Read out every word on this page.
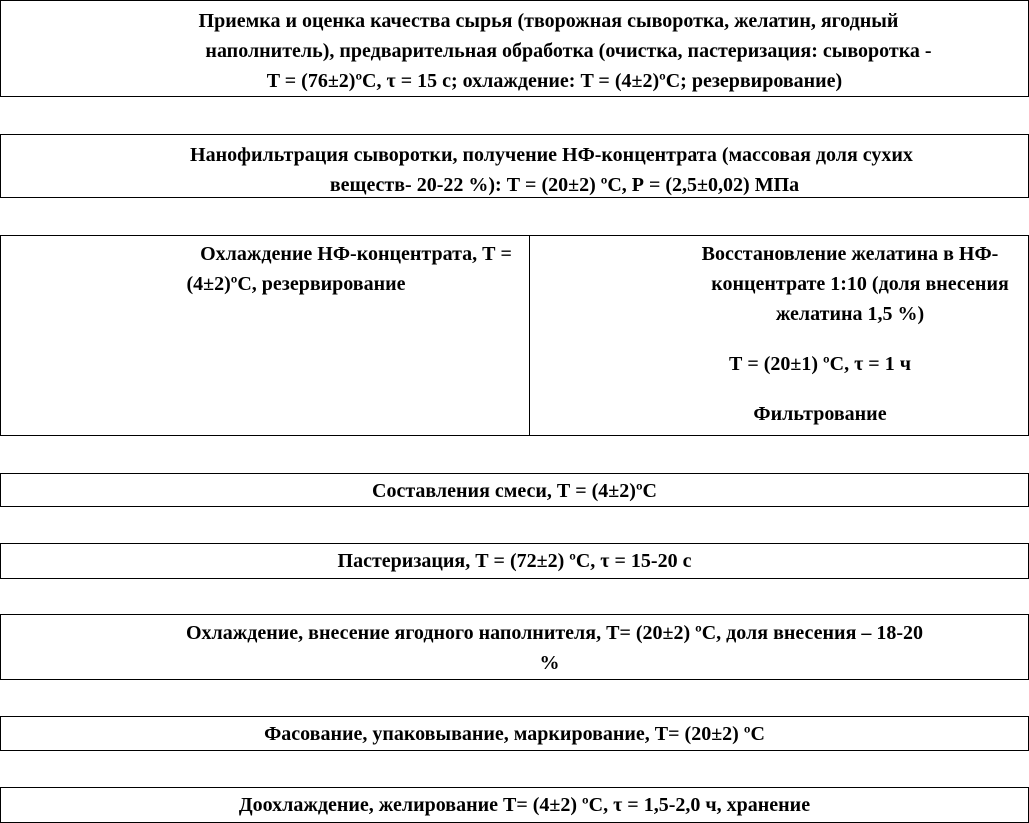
Приемка и оценка качества сырья (творожная сыворотка, желатин, ягодный
наполнитель), предварительная обработка (очистка, пастеризация: сыворотка -
T = (76±2)ºС, τ = 15 с; охлаждение: T = (4±2)ºС; резервирование)
Нанофильтрация сыворотки, получение НФ-концентрата (массовая доля сухих
веществ- 20-22 %): Т = (20±2) ºС, Р = (2,5±0,02) МПа
Охлаждение НФ-концентрата, Т =
(4±2)ºС, резервирование
Восстановление желатина в НФ-
концентрате 1:10 (доля внесения
желатина 1,5 %)
Т = (20±1) ºС, τ = 1 ч
Фильтрование
Составления смеси, Т = (4±2)ºС
Пастеризация, Т = (72±2) ºС, τ = 15-20 с
Охлаждение, внесение ягодного наполнителя, Т= (20±2) ºС, доля внесения – 18-20
%
Фасование, упаковывание, маркирование, Т= (20±2) ºС
Доохлаждение, желирование Т= (4±2) ºС, τ = 1,5-2,0 ч, хранение
